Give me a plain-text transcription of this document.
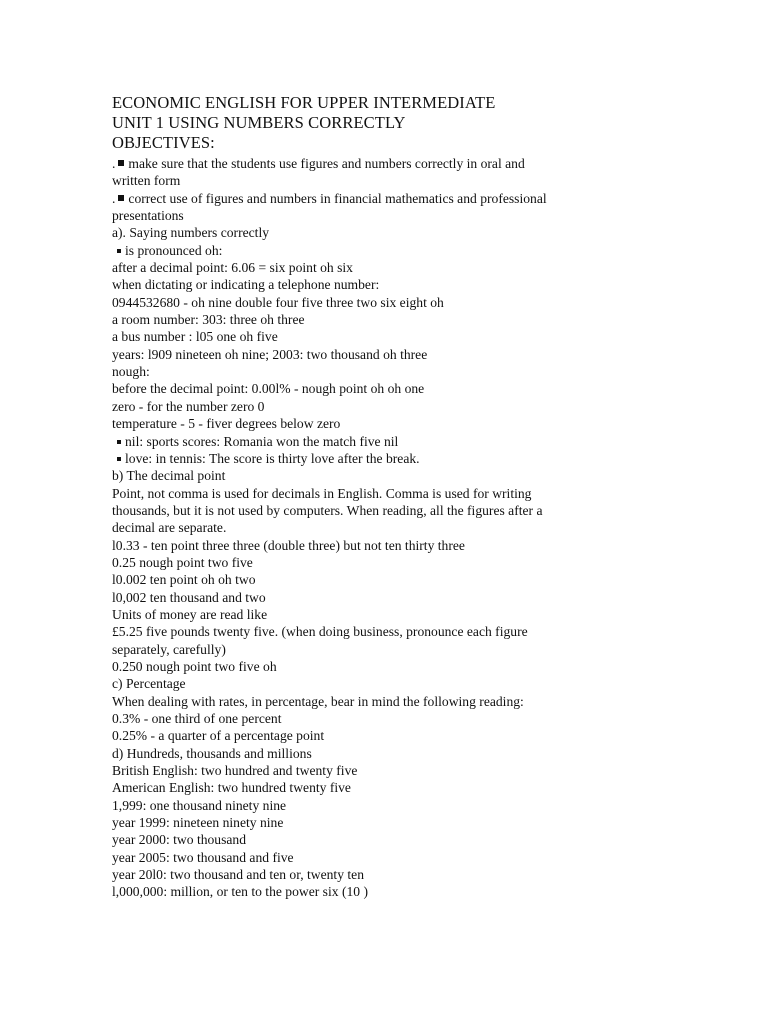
ECONOMIC ENGLISH FOR UPPER INTERMEDIATE
UNIT 1 USING NUMBERS CORRECTLY
OBJECTIVES:
. make sure that the students use figures and numbers correctly in oral and
written form
. correct use of figures and numbers in financial mathematics and professional
presentations
a). Saying numbers correctly
is pronounced oh:
after a decimal point: 6.06 = six point oh six
when dictating or indicating a telephone number:
0944532680 - oh nine double four five three two six eight oh
a room number: 303: three oh three
a bus number : l05 one oh five
years: l909 nineteen oh nine; 2003: two thousand oh three
nough:
before the decimal point: 0.00l% - nough point oh oh one
zero - for the number zero 0
temperature - 5 - fiver degrees below zero
nil: sports scores: Romania won the match five nil
love: in tennis: The score is thirty love after the break.
b) The decimal point
Point, not comma is used for decimals in English. Comma is used for writing
thousands, but it is not used by computers. When reading, all the figures after a
decimal are separate.
l0.33 - ten point three three (double three) but not ten thirty three
0.25 nough point two five
l0.002 ten point oh oh two
l0,002 ten thousand and two
Units of money are read like
£5.25 five pounds twenty five. (when doing business, pronounce each figure
separately, carefully)
0.250 nough point two five oh
c) Percentage
When dealing with rates, in percentage, bear in mind the following reading:
0.3% - one third of one percent
0.25% - a quarter of a percentage point
d) Hundreds, thousands and millions
British English: two hundred and twenty five
American English: two hundred twenty five
1,999: one thousand ninety nine
year 1999: nineteen ninety nine
year 2000: two thousand
year 2005: two thousand and five
year 20l0: two thousand and ten or, twenty ten
l,000,000: million, or ten to the power six (10 )
